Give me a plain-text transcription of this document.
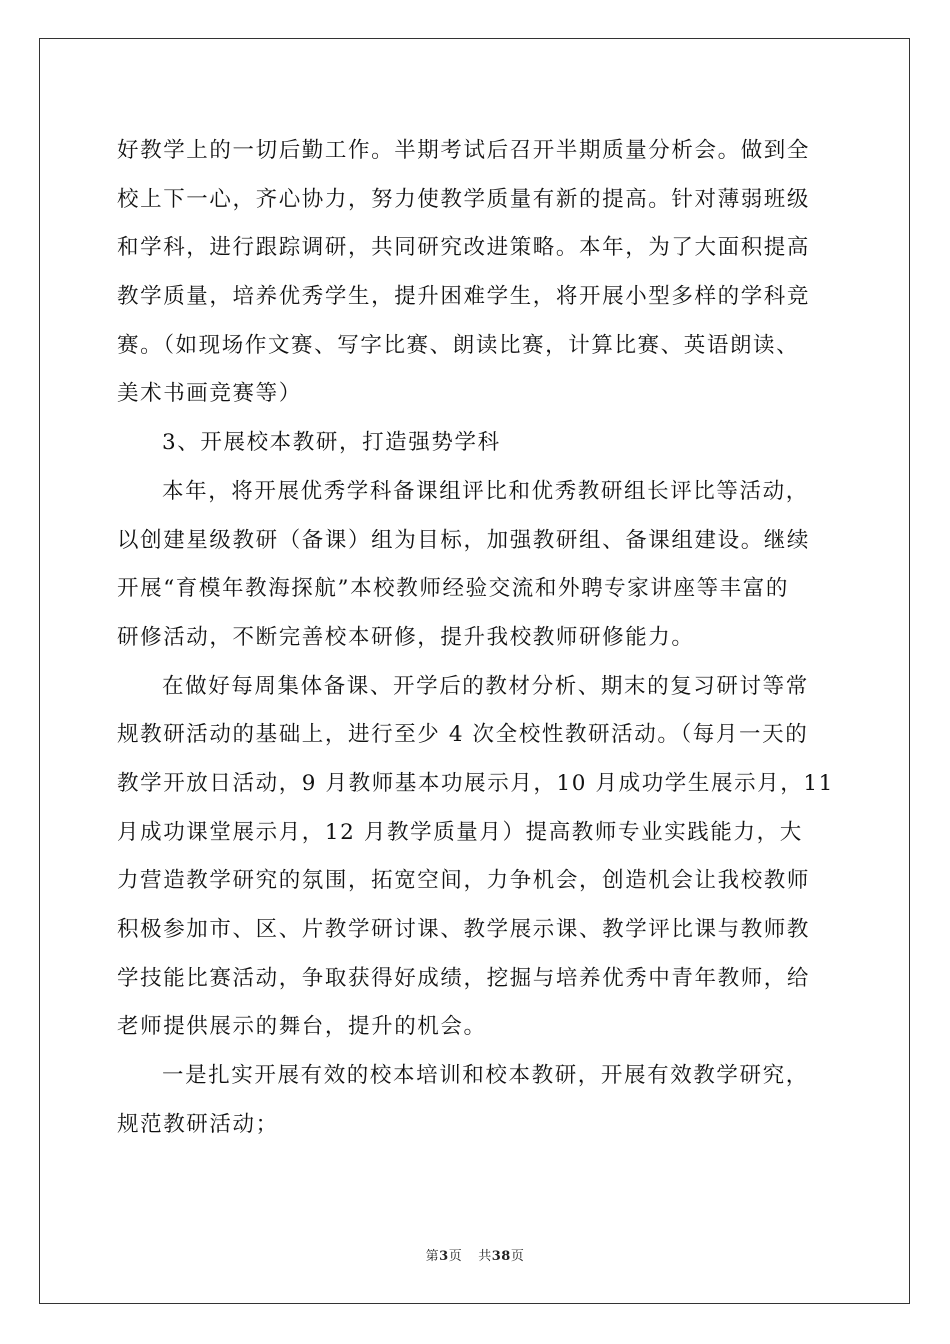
好教学上的一切后勤工作。半期考试后召开半期质量分析会。做到全
校上下一心，齐心协力，努力使教学质量有新的提高。针对薄弱班级
和学科，进行跟踪调研，共同研究改进策略。本年，为了大面积提高
教学质量，培养优秀学生，提升困难学生，将开展小型多样的学科竞
赛。（如现场作文赛、写字比赛、朗读比赛，计算比赛、英语朗读、
美术书画竞赛等）
3、开展校本教研，打造强势学科
本年，将开展优秀学科备课组评比和优秀教研组长评比等活动，
以创建星级教研（备课）组为目标，加强教研组、备课组建设。继续
开展“育模年教海探航”本校教师经验交流和外聘专家讲座等丰富的
研修活动，不断完善校本研修，提升我校教师研修能力。
在做好每周集体备课、开学后的教材分析、期末的复习研讨等常
规教研活动的基础上，进行至少 4 次全校性教研活动。（每月一天的
教学开放日活动，9 月教师基本功展示月，10 月成功学生展示月，11
月成功课堂展示月，12 月教学质量月）提高教师专业实践能力，大
力营造教学研究的氛围，拓宽空间，力争机会，创造机会让我校教师
积极参加市、区、片教学研讨课、教学展示课、教学评比课与教师教
学技能比赛活动，争取获得好成绩，挖掘与培养优秀中青年教师，给
老师提供展示的舞台，提升的机会。
一是扎实开展有效的校本培训和校本教研，开展有效教学研究，
规范教研活动；
第3页 共38页
